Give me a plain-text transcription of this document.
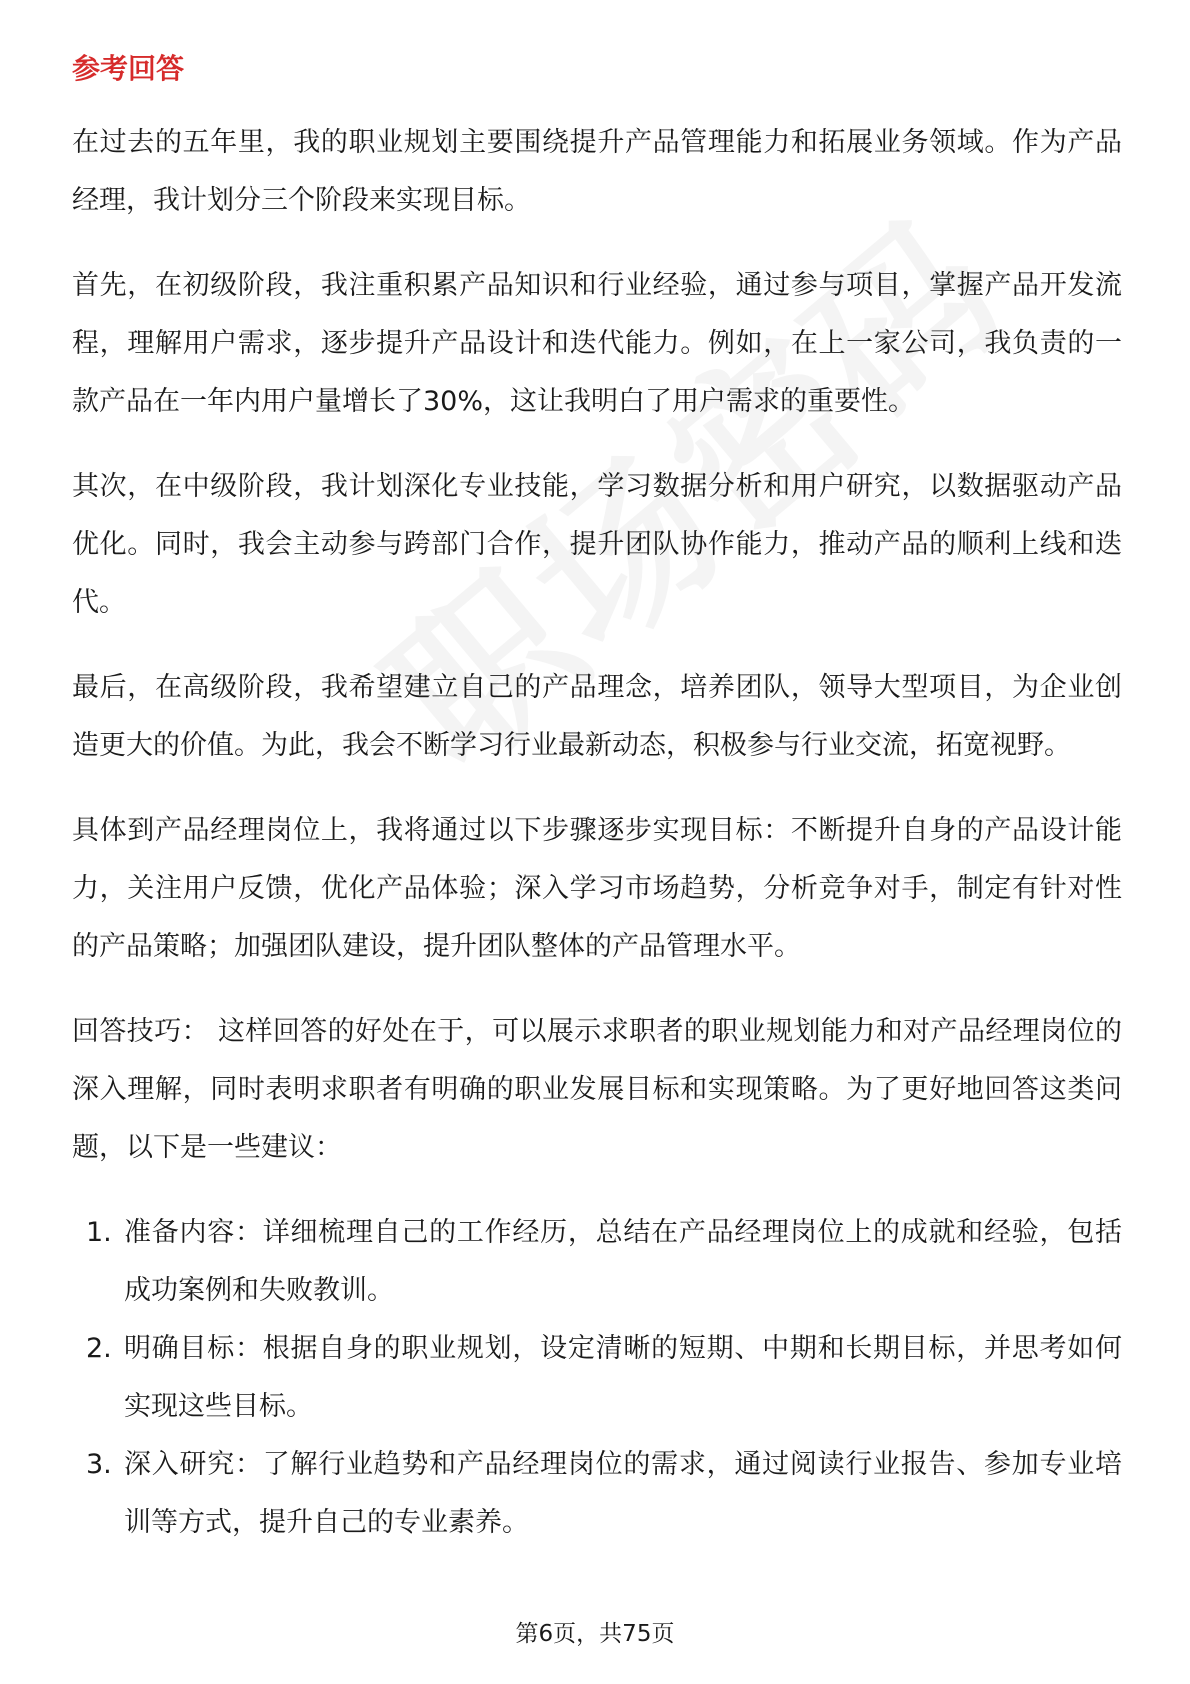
参考回答

在过去的五年里，我的职业规划主要围绕提升产品管理能力和拓展业务领域。作为产品经理，我计划分三个阶段来实现目标。

首先，在初级阶段，我注重积累产品知识和行业经验，通过参与项目，掌握产品开发流程，理解用户需求，逐步提升产品设计和迭代能力。例如，在上一家公司，我负责的一款产品在一年内用户量增长了30%，这让我明白了用户需求的重要性。

其次，在中级阶段，我计划深化专业技能，学习数据分析和用户研究，以数据驱动产品优化。同时，我会主动参与跨部门合作，提升团队协作能力，推动产品的顺利上线和迭代。

最后，在高级阶段，我希望建立自己的产品理念，培养团队，领导大型项目，为企业创造更大的价值。为此，我会不断学习行业最新动态，积极参与行业交流，拓宽视野。

具体到产品经理岗位上，我将通过以下步骤逐步实现目标：不断提升自身的产品设计能力，关注用户反馈，优化产品体验；深入学习市场趋势，分析竞争对手，制定有针对性的产品策略；加强团队建设，提升团队整体的产品管理水平。

回答技巧： 这样回答的好处在于，可以展示求职者的职业规划能力和对产品经理岗位的深入理解，同时表明求职者有明确的职业发展目标和实现策略。为了更好地回答这类问题，以下是一些建议：

1. 准备内容：详细梳理自己的工作经历，总结在产品经理岗位上的成就和经验，包括成功案例和失败教训。
2. 明确目标：根据自身的职业规划，设定清晰的短期、中期和长期目标，并思考如何实现这些目标。
3. 深入研究：了解行业趋势和产品经理岗位的需求，通过阅读行业报告、参加专业培训等方式，提升自己的专业素养。
第6页，共75页
